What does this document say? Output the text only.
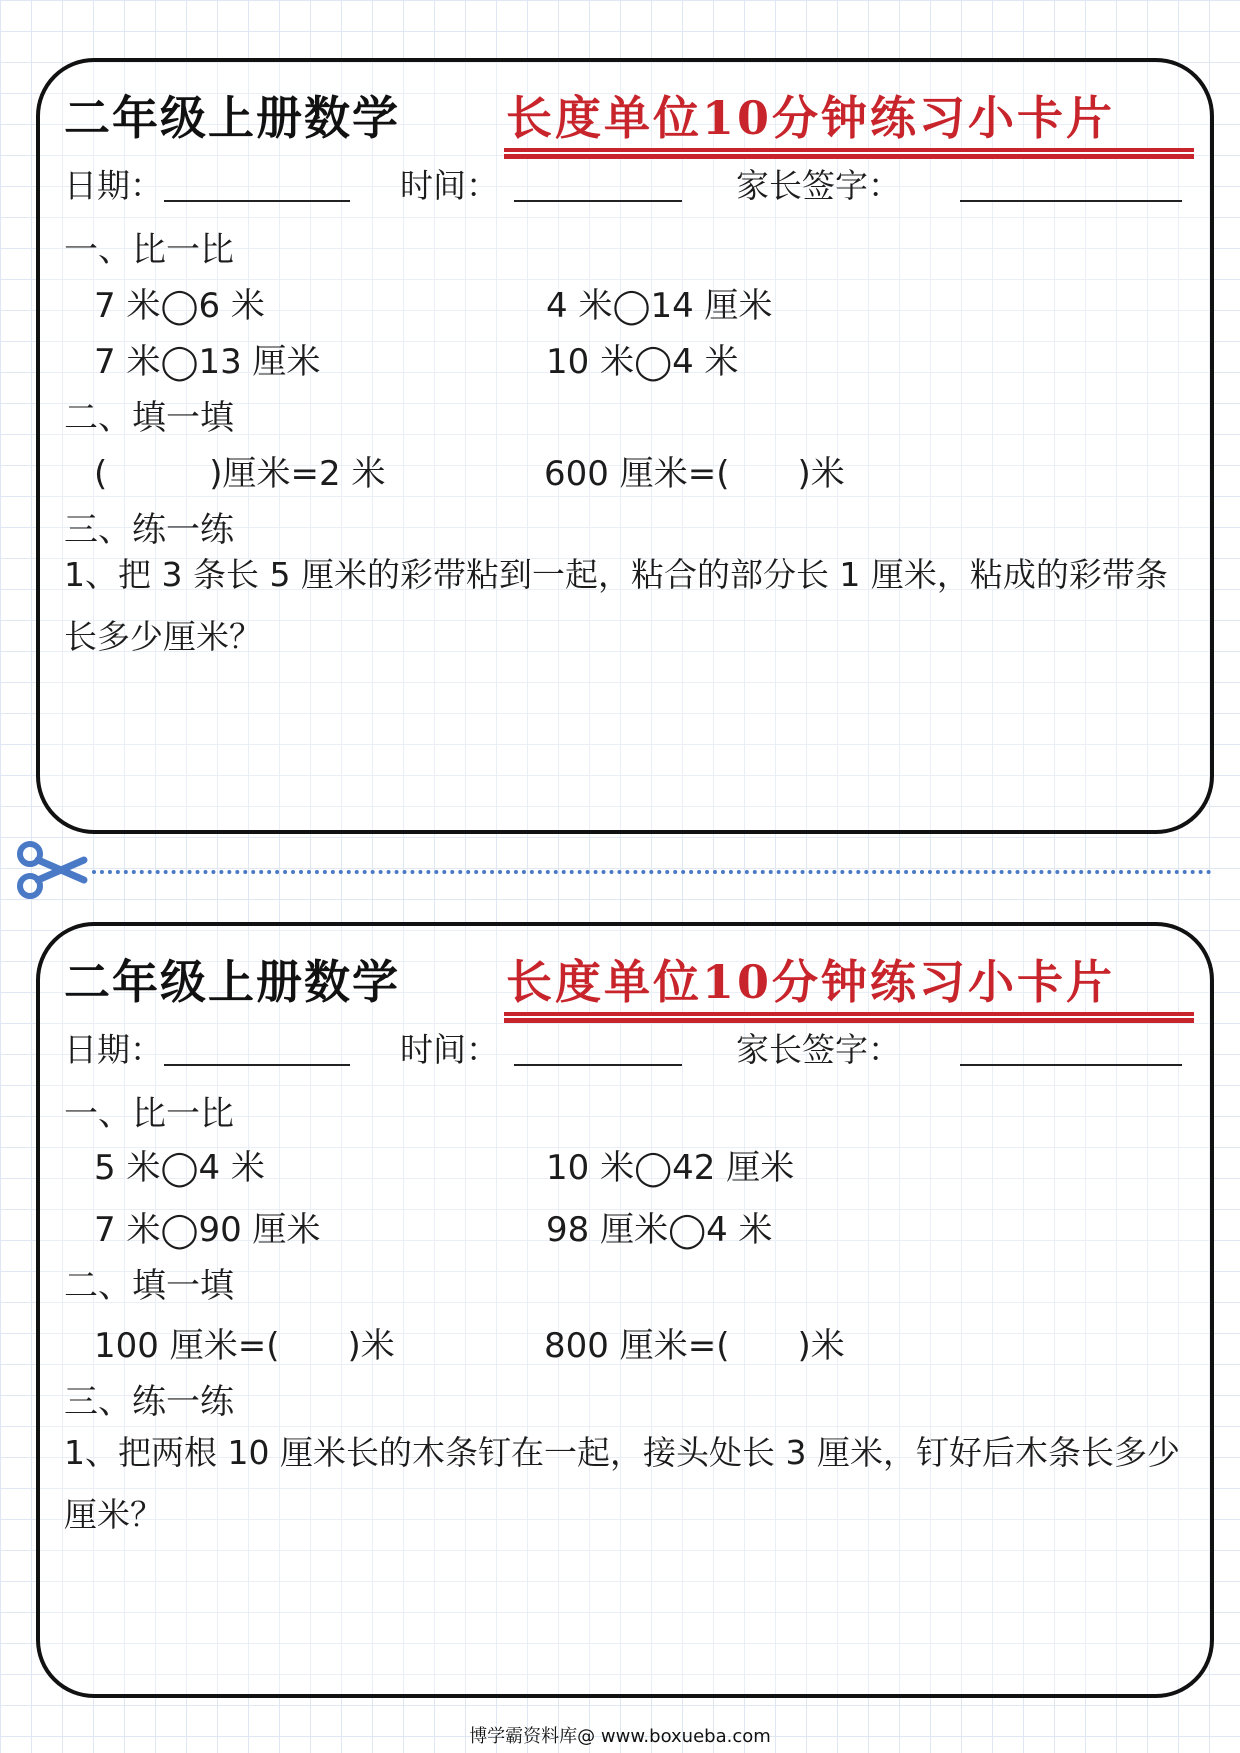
二年级上册数学 长度单位10分钟练习小卡片
日期：	时间：	家长签字：
一、比一比
7 米◯6 米	4 米◯14 厘米
7 米◯13 厘米	10 米◯4 米
二、填一填
(　　　)厘米=2 米	600 厘米=(　　)米
三、练一练
1、把 3 条长 5 厘米的彩带粘到一起，粘合的部分长 1 厘米，粘成的彩带条长多少厘米？
二年级上册数学 长度单位10分钟练习小卡片
日期：	时间：	家长签字：
一、比一比
5 米◯4 米	10 米◯42 厘米
7 米◯90 厘米	98 厘米◯4 米
二、填一填
100 厘米=(　　)米	800 厘米=(　　)米
三、练一练
1、把两根 10 厘米长的木条钉在一起，接头处长 3 厘米，钉好后木条长多少厘米？
博学霸资料库@ www.boxueba.com
